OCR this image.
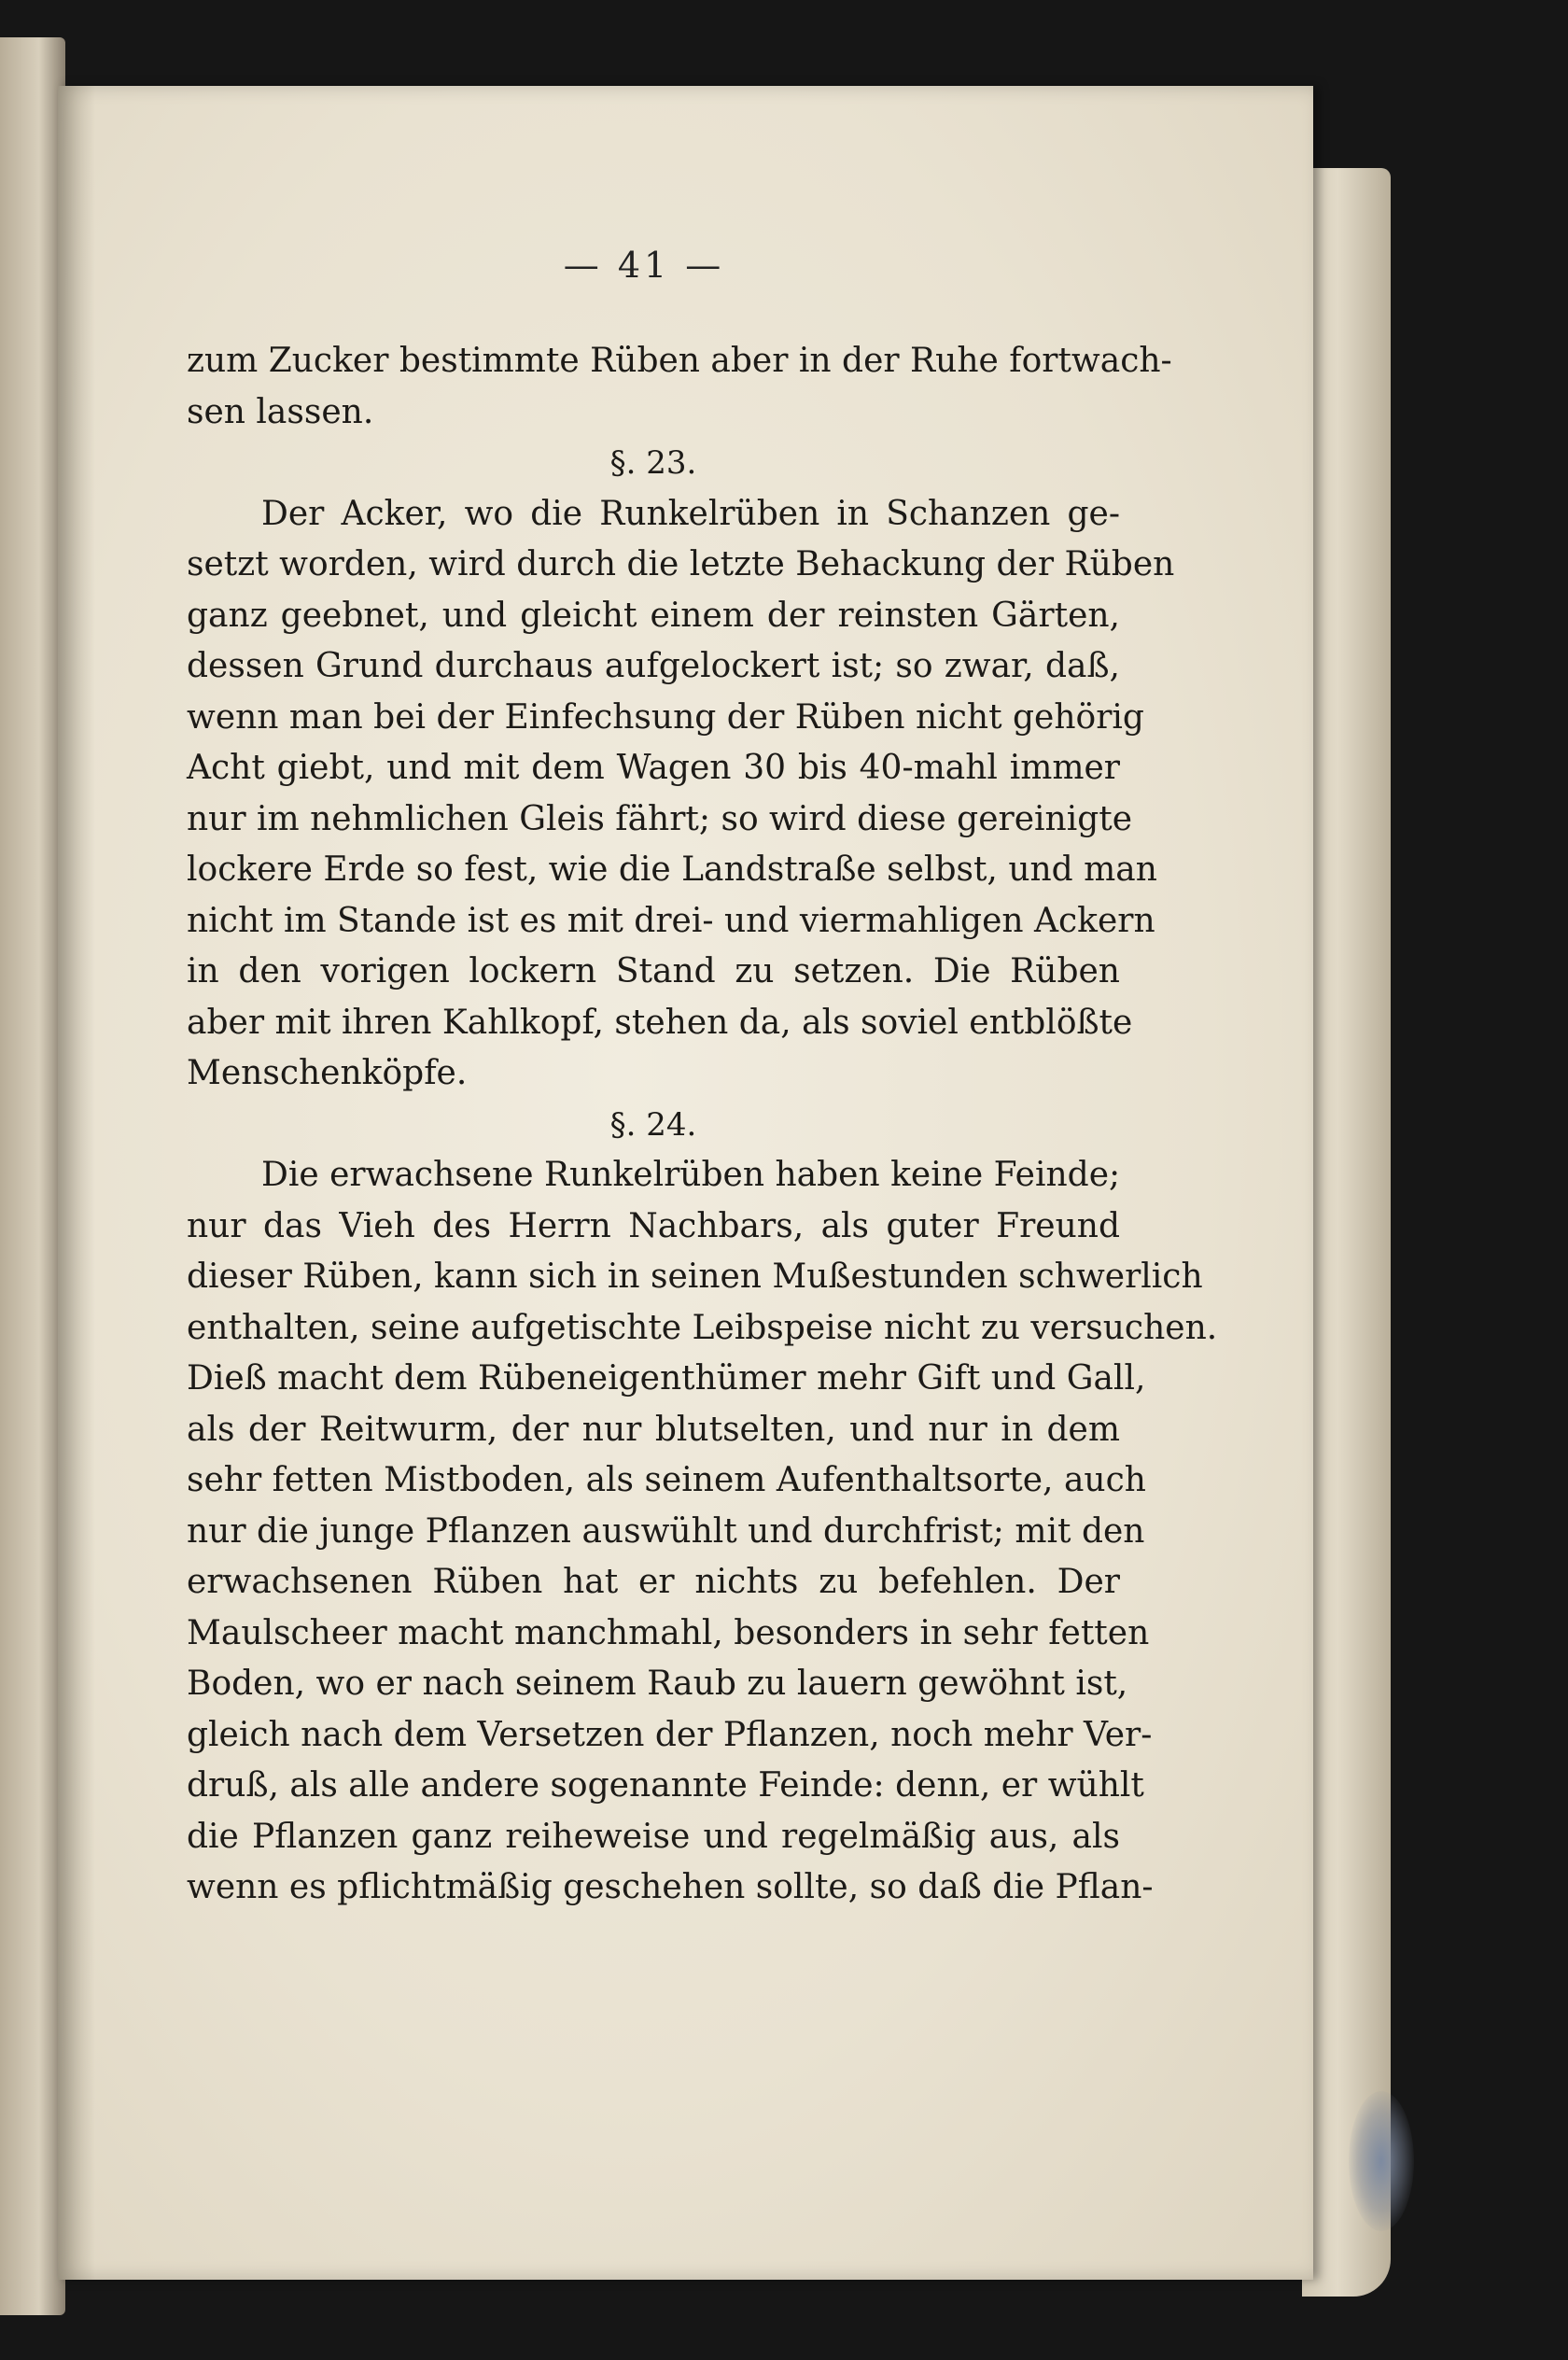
— 41 —
zum Zucker bestimmte Rüben aber in der Ruhe fortwach-
sen lassen.
§. 23.
Der Acker, wo die Runkelrüben in Schanzen ge-
setzt worden, wird durch die letzte Behackung der Rüben
ganz geebnet, und gleicht einem der reinsten Gärten,
dessen Grund durchaus aufgelockert ist; so zwar, daß,
wenn man bei der Einfechsung der Rüben nicht gehörig
Acht giebt, und mit dem Wagen 30 bis 40-mahl immer
nur im nehmlichen Gleis fährt; so wird diese gereinigte
lockere Erde so fest, wie die Landstraße selbst, und man
nicht im Stande ist es mit drei- und viermahligen Ackern
in den vorigen lockern Stand zu setzen. Die Rüben
aber mit ihren Kahlkopf, stehen da, als soviel entblößte
Menschenköpfe.
§. 24.
Die erwachsene Runkelrüben haben keine Feinde;
nur das Vieh des Herrn Nachbars, als guter Freund
dieser Rüben, kann sich in seinen Mußestunden schwerlich
enthalten, seine aufgetischte Leibspeise nicht zu versuchen.
Dieß macht dem Rübeneigenthümer mehr Gift und Gall,
als der Reitwurm, der nur blutselten, und nur in dem
sehr fetten Mistboden, als seinem Aufenthaltsorte, auch
nur die junge Pflanzen auswühlt und durchfrist; mit den
erwachsenen Rüben hat er nichts zu befehlen. Der
Maulscheer macht manchmahl, besonders in sehr fetten
Boden, wo er nach seinem Raub zu lauern gewöhnt ist,
gleich nach dem Versetzen der Pflanzen, noch mehr Ver-
druß, als alle andere sogenannte Feinde: denn, er wühlt
die Pflanzen ganz reiheweise und regelmäßig aus, als
wenn es pflichtmäßig geschehen sollte, so daß die Pflan-
